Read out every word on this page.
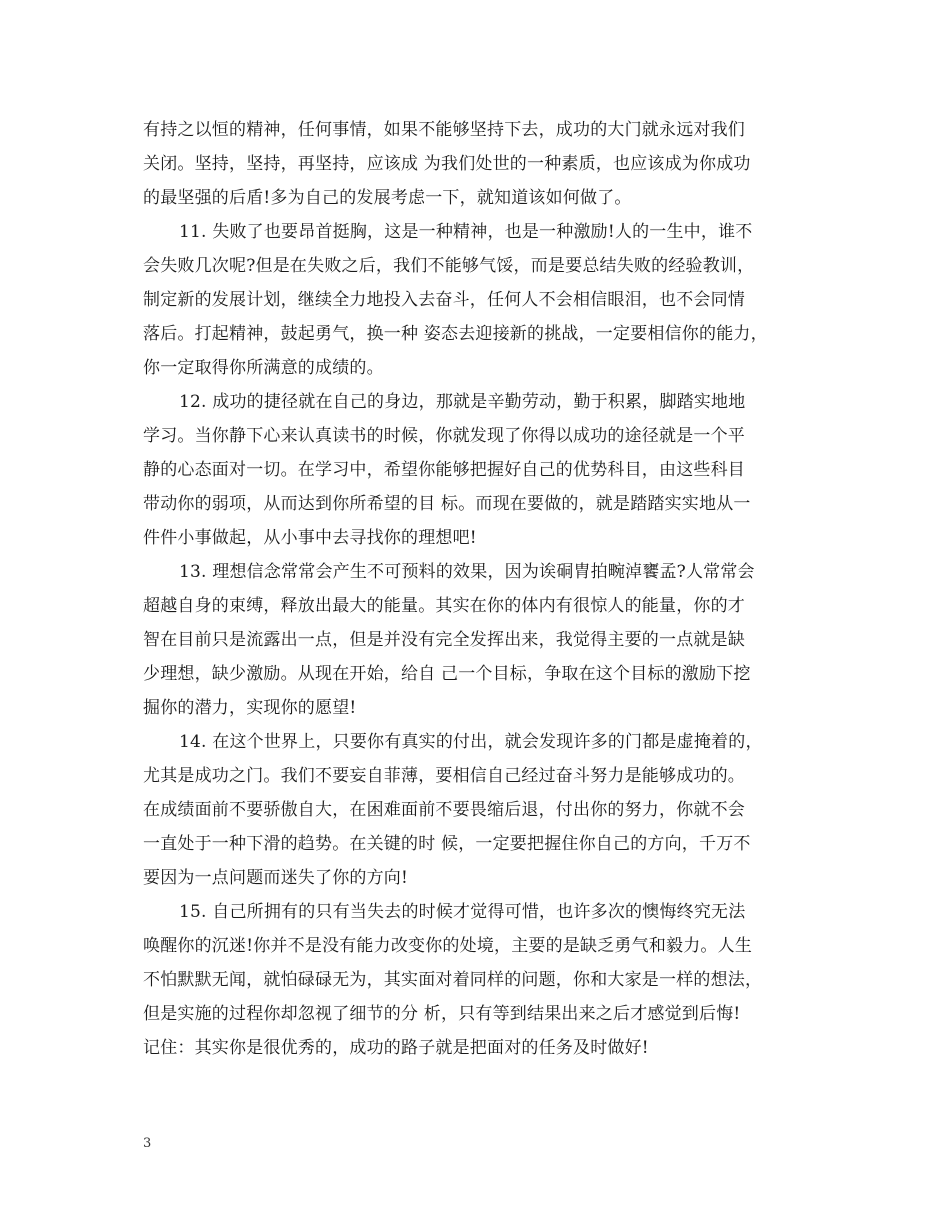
有持之以恒的精神，任何事情，如果不能够坚持下去，成功的大门就永远对我们
关闭。坚持，坚持，再坚持，应该成 为我们处世的一种素质，也应该成为你成功
的最坚强的后盾!多为自己的发展考虑一下，就知道该如何做了。
11. 失败了也要昂首挺胸，这是一种精神，也是一种激励!人的一生中，谁不
会失败几次呢?但是在失败之后，我们不能够气馁，而是要总结失败的经验教训，
制定新的发展计划，继续全力地投入去奋斗，任何人不会相信眼泪，也不会同情
落后。打起精神，鼓起勇气，换一种 姿态去迎接新的挑战，一定要相信你的能力，
你一定取得你所满意的成绩的。
12. 成功的捷径就在自己的身边，那就是辛勤劳动，勤于积累，脚踏实地地
学习。当你静下心来认真读书的时候，你就发现了你得以成功的途径就是一个平
静的心态面对一切。在学习中，希望你能够把握好自己的优势科目，由这些科目
带动你的弱项，从而达到你所希望的目 标。而现在要做的，就是踏踏实实地从一
件件小事做起，从小事中去寻找你的理想吧!
13. 理想信念常常会产生不可预料的效果，因为诶硐胄拍畹淖饔孟?人常常会
超越自身的束缚，释放出最大的能量。其实在你的体内有很惊人的能量，你的才
智在目前只是流露出一点，但是并没有完全发挥出来，我觉得主要的一点就是缺
少理想，缺少激励。从现在开始，给自 己一个目标，争取在这个目标的激励下挖
掘你的潜力，实现你的愿望!
14. 在这个世界上，只要你有真实的付出，就会发现许多的门都是虚掩着的，
尤其是成功之门。我们不要妄自菲薄，要相信自己经过奋斗努力是能够成功的。
在成绩面前不要骄傲自大，在困难面前不要畏缩后退，付出你的努力，你就不会
一直处于一种下滑的趋势。在关键的时 候，一定要把握住你自己的方向，千万不
要因为一点问题而迷失了你的方向!
15. 自己所拥有的只有当失去的时候才觉得可惜，也许多次的懊悔终究无法
唤醒你的沉迷!你并不是没有能力改变你的处境，主要的是缺乏勇气和毅力。人生
不怕默默无闻，就怕碌碌无为，其实面对着同样的问题，你和大家是一样的想法，
但是实施的过程你却忽视了细节的分 析，只有等到结果出来之后才感觉到后悔!
记住：其实你是很优秀的，成功的路子就是把面对的任务及时做好!
3
